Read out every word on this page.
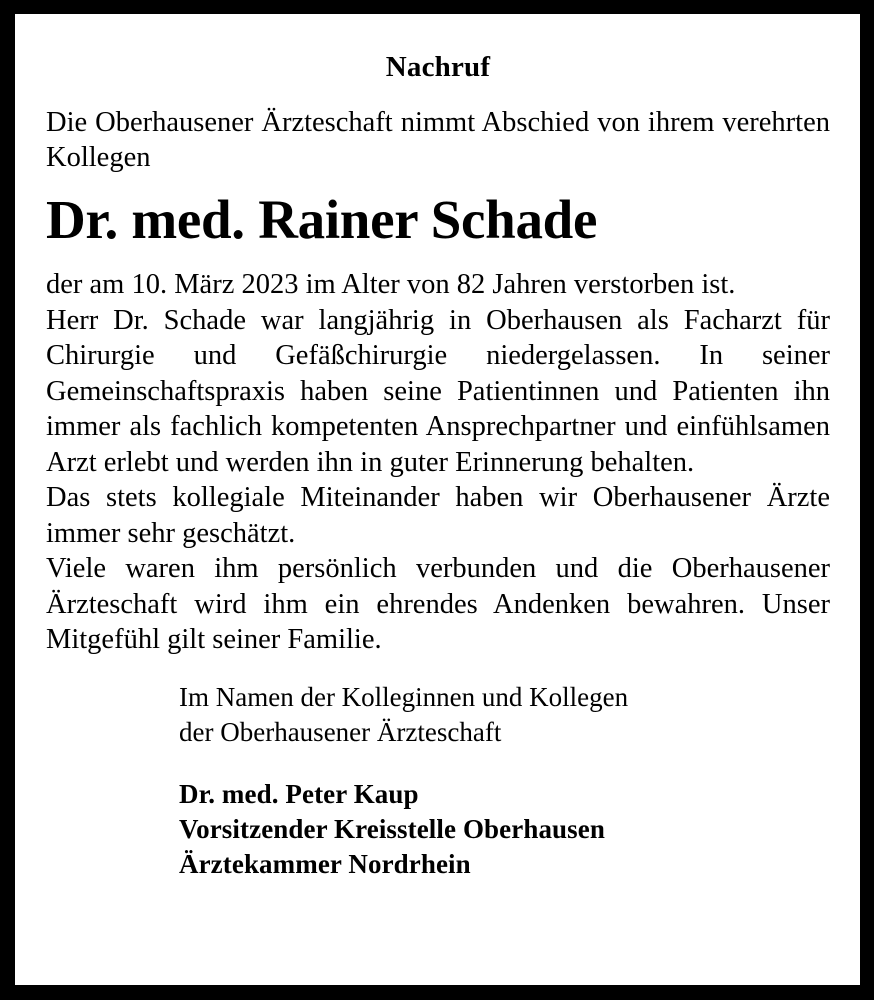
Nachruf

Die Oberhausener Ärzteschaft nimmt Abschied von ihrem verehrten Kollegen

Dr. med. Rainer Schade

der am 10. März 2023 im Alter von 82 Jahren verstorben ist.

Herr Dr. Schade war langjährig in Oberhausen als Facharzt für Chirurgie und Gefäßchirurgie niedergelassen. In seiner Gemeinschaftspraxis haben seine Patientinnen und Patienten ihn immer als fachlich kompetenten Ansprechpartner und einfühlsamen Arzt erlebt und werden ihn in guter Erinnerung behalten.

Das stets kollegiale Miteinander haben wir Oberhausener Ärzte immer sehr geschätzt.

Viele waren ihm persönlich verbunden und die Oberhausener Ärzteschaft wird ihm ein ehrendes Andenken bewahren. Unser Mitgefühl gilt seiner Familie.

Im Namen der Kolleginnen und Kollegen

der Oberhausener Ärzteschaft

Dr. med. Peter Kaup

Vorsitzender Kreisstelle Oberhausen

Ärztekammer Nordrhein
